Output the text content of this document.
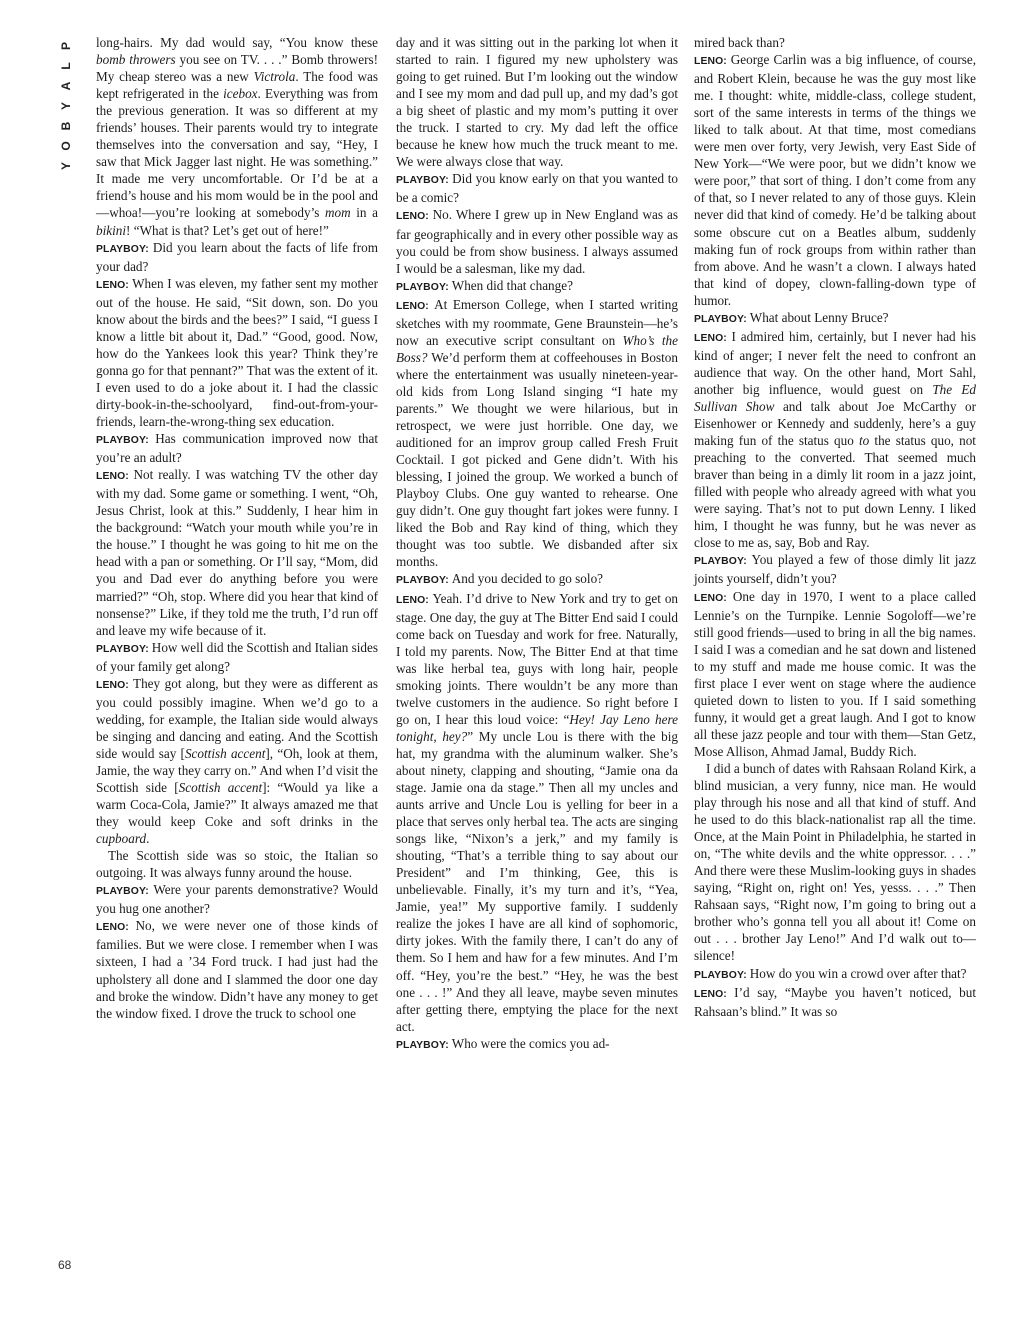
P
L
A
Y
B
O
Y

long-hairs. My dad would say, “You know these bomb throwers you see on TV. . . .” Bomb throwers! My cheap stereo was a new Victrola. The food was kept refrigerated in the icebox. Everything was from the previous generation. It was so different at my friends’ houses. Their parents would try to integrate themselves into the conversation and say, “Hey, I saw that Mick Jagger last night. He was something.” It made me very uncomfortable. Or I’d be at a friend’s house and his mom would be in the pool and—whoa!—you’re looking at somebody’s mom in a bikini! “What is that? Let’s get out of here!”

PLAYBOY: Did you learn about the facts of life from your dad?

LENO: When I was eleven, my father sent my mother out of the house. He said, “Sit down, son. Do you know about the birds and the bees?” I said, “I guess I know a little bit about it, Dad.” “Good, good. Now, how do the Yankees look this year? Think they’re gonna go for that pennant?” That was the extent of it. I even used to do a joke about it. I had the classic dirty-book-in-the-schoolyard, find-out-from-your-friends, learn-the-wrong-thing sex education.

PLAYBOY: Has communication improved now that you’re an adult?

LENO: Not really. I was watching TV the other day with my dad. Some game or something. I went, “Oh, Jesus Christ, look at this.” Suddenly, I hear him in the background: “Watch your mouth while you’re in the house.” I thought he was going to hit me on the head with a pan or something. Or I’ll say, “Mom, did you and Dad ever do anything before you were married?” “Oh, stop. Where did you hear that kind of nonsense?” Like, if they told me the truth, I’d run off and leave my wife because of it.

PLAYBOY: How well did the Scottish and Italian sides of your family get along?

LENO: They got along, but they were as different as you could possibly imagine. When we’d go to a wedding, for example, the Italian side would always be singing and dancing and eating. And the Scottish side would say [Scottish accent], “Oh, look at them, Jamie, the way they carry on.” And when I’d visit the Scottish side [Scottish accent]: “Would ya like a warm Coca-Cola, Jamie?” It always amazed me that they would keep Coke and soft drinks in the cupboard.

The Scottish side was so stoic, the Italian so outgoing. It was always funny around the house.

PLAYBOY: Were your parents demonstrative? Would you hug one another?

LENO: No, we were never one of those kinds of families. But we were close. I remember when I was sixteen, I had a ’34 Ford truck. I had just had the upholstery all done and I slammed the door one day and broke the window. Didn’t have any money to get the window fixed. I drove the truck to school one

day and it was sitting out in the parking lot when it started to rain. I figured my new upholstery was going to get ruined. But I’m looking out the window and I see my mom and dad pull up, and my dad’s got a big sheet of plastic and my mom’s putting it over the truck. I started to cry. My dad left the office because he knew how much the truck meant to me. We were always close that way.

PLAYBOY: Did you know early on that you wanted to be a comic?

LENO: No. Where I grew up in New England was as far geographically and in every other possible way as you could be from show business. I always assumed I would be a salesman, like my dad.

PLAYBOY: When did that change?

LENO: At Emerson College, when I started writing sketches with my roommate, Gene Braunstein—he’s now an executive script consultant on Who’s the Boss? We’d perform them at coffeehouses in Boston where the entertainment was usually nineteen-year-old kids from Long Island singing “I hate my parents.” We thought we were hilarious, but in retrospect, we were just horrible. One day, we auditioned for an improv group called Fresh Fruit Cocktail. I got picked and Gene didn’t. With his blessing, I joined the group. We worked a bunch of Playboy Clubs. One guy wanted to rehearse. One guy didn’t. One guy thought fart jokes were funny. I liked the Bob and Ray kind of thing, which they thought was too subtle. We disbanded after six months.

PLAYBOY: And you decided to go solo?

LENO: Yeah. I’d drive to New York and try to get on stage. One day, the guy at The Bitter End said I could come back on Tuesday and work for free. Naturally, I told my parents. Now, The Bitter End at that time was like herbal tea, guys with long hair, people smoking joints. There wouldn’t be any more than twelve customers in the audience. So right before I go on, I hear this loud voice: “Hey! Jay Leno here tonight, hey?” My uncle Lou is there with the big hat, my grandma with the aluminum walker. She’s about ninety, clapping and shouting, “Jamie ona da stage. Jamie ona da stage.” Then all my uncles and aunts arrive and Uncle Lou is yelling for beer in a place that serves only herbal tea. The acts are singing songs like, “Nixon’s a jerk,” and my family is shouting, “That’s a terrible thing to say about our President” and I’m thinking, Gee, this is unbelievable. Finally, it’s my turn and it’s, “Yea, Jamie, yea!” My supportive family. I suddenly realize the jokes I have are all kind of sophomoric, dirty jokes. With the family there, I can’t do any of them. So I hem and haw for a few minutes. And I’m off. “Hey, you’re the best.” “Hey, he was the best one . . . !” And they all leave, maybe seven minutes after getting there, emptying the place for the next act.

PLAYBOY: Who were the comics you ad-

mired back than?

LENO: George Carlin was a big influence, of course, and Robert Klein, because he was the guy most like me. I thought: white, middle-class, college student, sort of the same interests in terms of the things we liked to talk about. At that time, most comedians were men over forty, very Jewish, very East Side of New York—“We were poor, but we didn’t know we were poor,” that sort of thing. I don’t come from any of that, so I never related to any of those guys. Klein never did that kind of comedy. He’d be talking about some obscure cut on a Beatles album, suddenly making fun of rock groups from within rather than from above. And he wasn’t a clown. I always hated that kind of dopey, clown-falling-down type of humor.

PLAYBOY: What about Lenny Bruce?

LENO: I admired him, certainly, but I never had his kind of anger; I never felt the need to confront an audience that way. On the other hand, Mort Sahl, another big influence, would guest on The Ed Sullivan Show and talk about Joe McCarthy or Eisenhower or Kennedy and suddenly, here’s a guy making fun of the status quo to the status quo, not preaching to the converted. That seemed much braver than being in a dimly lit room in a jazz joint, filled with people who already agreed with what you were saying. That’s not to put down Lenny. I liked him, I thought he was funny, but he was never as close to me as, say, Bob and Ray.

PLAYBOY: You played a few of those dimly lit jazz joints yourself, didn’t you?

LENO: One day in 1970, I went to a place called Lennie’s on the Turnpike. Lennie Sogoloff—we’re still good friends—used to bring in all the big names. I said I was a comedian and he sat down and listened to my stuff and made me house comic. It was the first place I ever went on stage where the audience quieted down to listen to you. If I said something funny, it would get a great laugh. And I got to know all these jazz people and tour with them—Stan Getz, Mose Allison, Ahmad Jamal, Buddy Rich.

I did a bunch of dates with Rahsaan Roland Kirk, a blind musician, a very funny, nice man. He would play through his nose and all that kind of stuff. And he used to do this black-nationalist rap all the time. Once, at the Main Point in Philadelphia, he started in on, “The white devils and the white oppressor. . . .” And there were these Muslim-looking guys in shades saying, “Right on, right on! Yes, yesss. . . .” Then Rahsaan says, “Right now, I’m going to bring out a brother who’s gonna tell you all about it! Come on out . . . brother Jay Leno!” And I’d walk out to—silence!

PLAYBOY: How do you win a crowd over after that?

LENO: I’d say, “Maybe you haven’t noticed, but Rahsaan’s blind.” It was so

68
